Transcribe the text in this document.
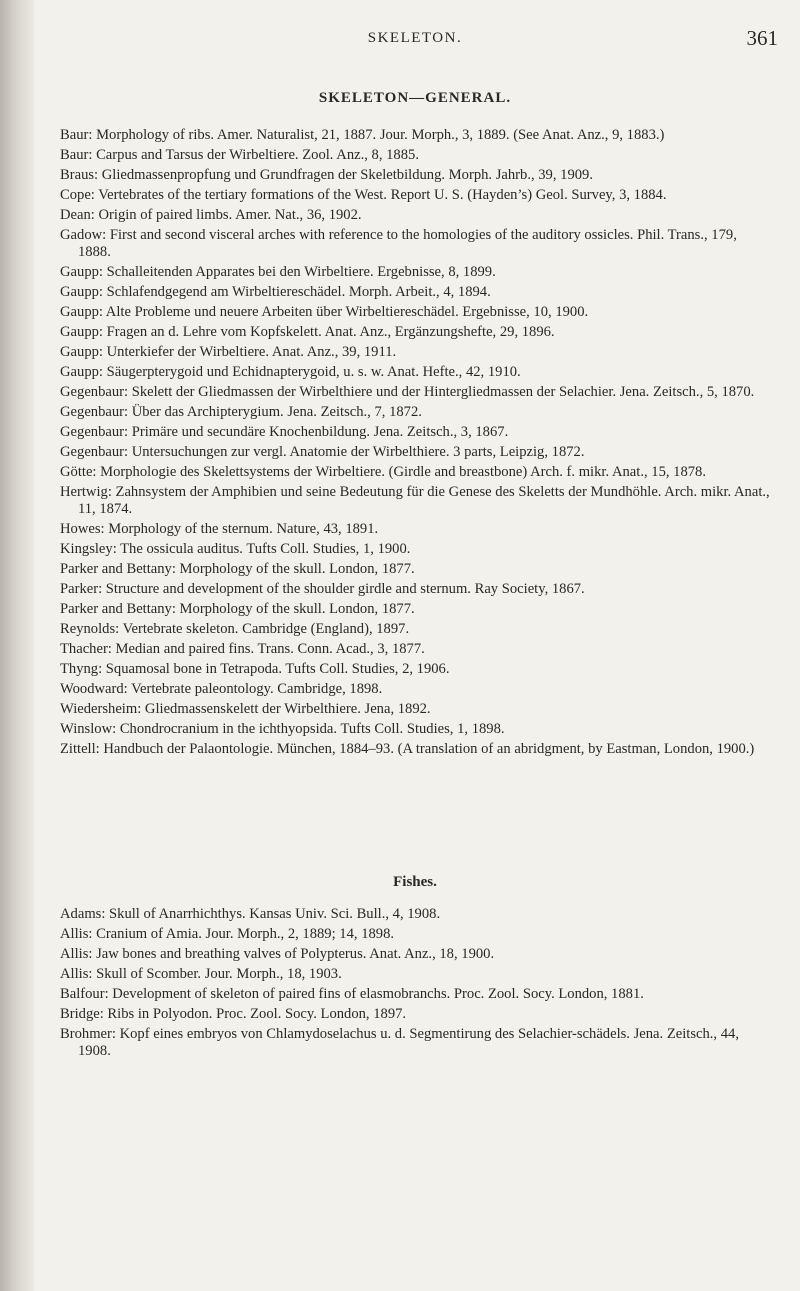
SKELETON.	361
SKELETON—GENERAL.
Baur: Morphology of ribs. Amer. Naturalist, 21, 1887. Jour. Morph., 3, 1889. (See Anat. Anz., 9, 1883.)
Baur: Carpus and Tarsus der Wirbeltiere. Zool. Anz., 8, 1885.
Braus: Gliedmassenpropfung und Grundfragen der Skeletbildung. Morph. Jahrb., 39, 1909.
Cope: Vertebrates of the tertiary formations of the West. Report U. S. (Hayden’s) Geol. Survey, 3, 1884.
Dean: Origin of paired limbs. Amer. Nat., 36, 1902.
Gadow: First and second visceral arches with reference to the homologies of the auditory ossicles. Phil. Trans., 179, 1888.
Gaupp: Schalleitenden Apparates bei den Wirbeltiere. Ergebnisse, 8, 1899.
Gaupp: Schlafendgegend am Wirbeltiereschädel. Morph. Arbeit., 4, 1894.
Gaupp: Alte Probleme und neuere Arbeiten über Wirbeltiereschädel. Ergebnisse, 10, 1900.
Gaupp: Fragen an d. Lehre vom Kopfskelett. Anat. Anz., Ergänzungshefte, 29, 1896.
Gaupp: Unterkiefer der Wirbeltiere. Anat. Anz., 39, 1911.
Gaupp: Säugerpterygoid und Echidnapterygoid, u. s. w. Anat. Hefte., 42, 1910.
Gegenbaur: Skelett der Gliedmassen der Wirbelthiere und der Hintergliedmassen der Selachier. Jena. Zeitsch., 5, 1870.
Gegenbaur: Über das Archipterygium. Jena. Zeitsch., 7, 1872.
Gegenbaur: Primäre und secundäre Knochenbildung. Jena. Zeitsch., 3, 1867.
Gegenbaur: Untersuchungen zur vergl. Anatomie der Wirbelthiere. 3 parts, Leipzig, 1872.
Götte: Morphologie des Skelettsystems der Wirbeltiere. (Girdle and breastbone) Arch. f. mikr. Anat., 15, 1878.
Hertwig: Zahnsystem der Amphibien und seine Bedeutung für die Genese des Skeletts der Mundhöhle. Arch. mikr. Anat., 11, 1874.
Howes: Morphology of the sternum. Nature, 43, 1891.
Kingsley: The ossicula auditus. Tufts Coll. Studies, 1, 1900.
Parker and Bettany: Morphology of the skull. London, 1877.
Parker: Structure and development of the shoulder girdle and sternum. Ray Society, 1867.
Parker and Bettany: Morphology of the skull. London, 1877.
Reynolds: Vertebrate skeleton. Cambridge (England), 1897.
Thacher: Median and paired fins. Trans. Conn. Acad., 3, 1877.
Thyng: Squamosal bone in Tetrapoda. Tufts Coll. Studies, 2, 1906.
Woodward: Vertebrate paleontology. Cambridge, 1898.
Wiedersheim: Gliedmassenskelett der Wirbelthiere. Jena, 1892.
Winslow: Chondrocranium in the ichthyopsida. Tufts Coll. Studies, 1, 1898.
Zittell: Handbuch der Palaontologie. München, 1884–93. (A translation of an abridgment, by Eastman, London, 1900.)
Fishes.
Adams: Skull of Anarrhichthys. Kansas Univ. Sci. Bull., 4, 1908.
Allis: Cranium of Amia. Jour. Morph., 2, 1889; 14, 1898.
Allis: Jaw bones and breathing valves of Polypterus. Anat. Anz., 18, 1900.
Allis: Skull of Scomber. Jour. Morph., 18, 1903.
Balfour: Development of skeleton of paired fins of elasmobranchs. Proc. Zool. Socy. London, 1881.
Bridge: Ribs in Polyodon. Proc. Zool. Socy. London, 1897.
Brohmer: Kopf eines embryos von Chlamydoselachus u. d. Segmentirung des Selachier-schädels. Jena. Zeitsch., 44, 1908.
